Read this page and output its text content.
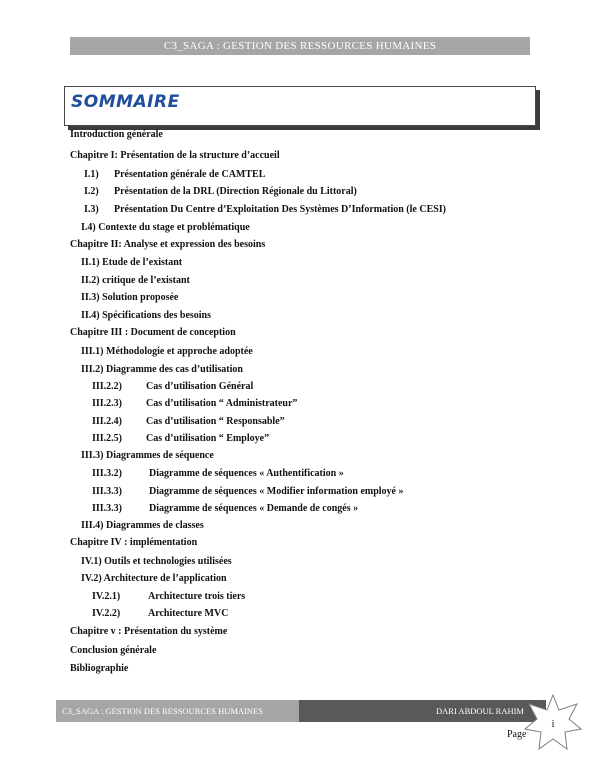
C3_SAGA : GESTION DES RESSOURCES HUMAINES
SOMMAIRE
Introduction générale
Chapitre I: Présentation de la structure d’accueil
I.1) Présentation générale de CAMTEL
I.2) Présentation de la DRL (Direction Régionale du Littoral)
I.3) Présentation Du Centre d’Exploitation Des Systèmes D’Information (le CESI)
I.4) Contexte du stage et problématique
Chapitre II: Analyse et expression des besoins
II.1) Etude de l’existant
II.2) critique de l’existant
II.3) Solution proposée
II.4) Spécifications des besoins
Chapitre III : Document de conception
III.1) Méthodologie et approche adoptée
III.2) Diagramme des cas d’utilisation
III.2.2) Cas d’utilisation Général
III.2.3) Cas d’utilisation “ Administrateur”
III.2.4) Cas d’utilisation “ Responsable”
III.2.5) Cas d’utilisation “ Employe”
III.3) Diagrammes de séquence
III.3.2)	Diagramme de séquences « Authentification »
III.3.3)	Diagramme de séquences « Modifier information employé »
III.3.3)	Diagramme de séquences « Demande de congés »
III.4) Diagrammes de classes
Chapitre IV : implémentation
IV.1) Outils et technologies utilisées
IV.2) Architecture de l’application
IV.2.1)	Architecture trois tiers
IV.2.2)	Architecture MVC
Chapitre v : Présentation du système
Conclusion générale
Bibliographie
C3_SAGA : GESTION DES RESSOURCES HUMAINES	DARI ABDOUL RAHIM
i
Page
